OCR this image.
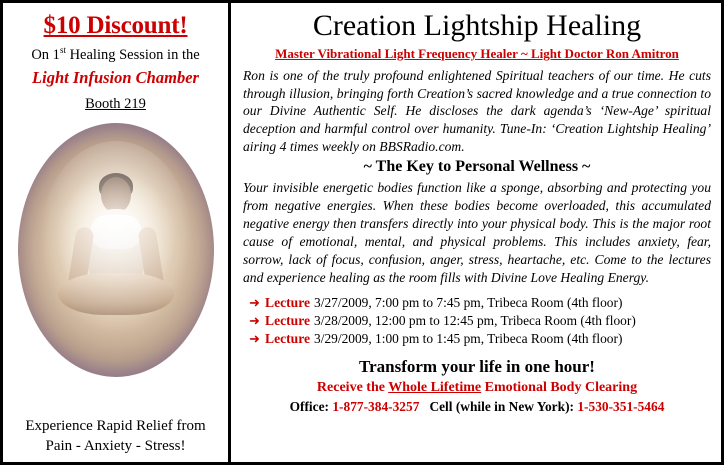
$10 Discount!
On 1st Healing Session in the
Light Infusion Chamber
Booth 219
Experience Rapid Relief from
Pain - Anxiety - Stress!
Creation Lightship Healing
Master Vibrational Light Frequency Healer ~ Light Doctor Ron Amitron
Ron is one of the truly profound enlightened Spiritual teachers of our time. He cuts through illusion, bringing forth Creation’s sacred knowledge and a true connection to our Divine Authentic Self. He discloses the dark agenda’s ‘New-Age’ spiritual deception and harmful control over humanity. Tune-In: ‘Creation Lightship Healing’ airing 4 times weekly on BBSRadio.com.
~ The Key to Personal Wellness ~
Your invisible energetic bodies function like a sponge, absorbing and protecting you from negative energies. When these bodies become overloaded, this accumulated negative energy then transfers directly into your physical body. This is the major root cause of emotional, mental, and physical problems. This includes anxiety, fear, sorrow, lack of focus, confusion, anger, stress, heartache, etc. Come to the lectures and experience healing as the room fills with Divine Love Healing Energy.
➜ Lecture 3/27/2009, 7:00 pm to 7:45 pm, Tribeca Room (4th floor)
➜ Lecture 3/28/2009, 12:00 pm to 12:45 pm, Tribeca Room (4th floor)
➜ Lecture 3/29/2009, 1:00 pm to 1:45 pm, Tribeca Room (4th floor)
Transform your life in one hour!
Receive the Whole Lifetime Emotional Body Clearing
Office: 1-877-384-3257 Cell (while in New York): 1-530-351-5464
